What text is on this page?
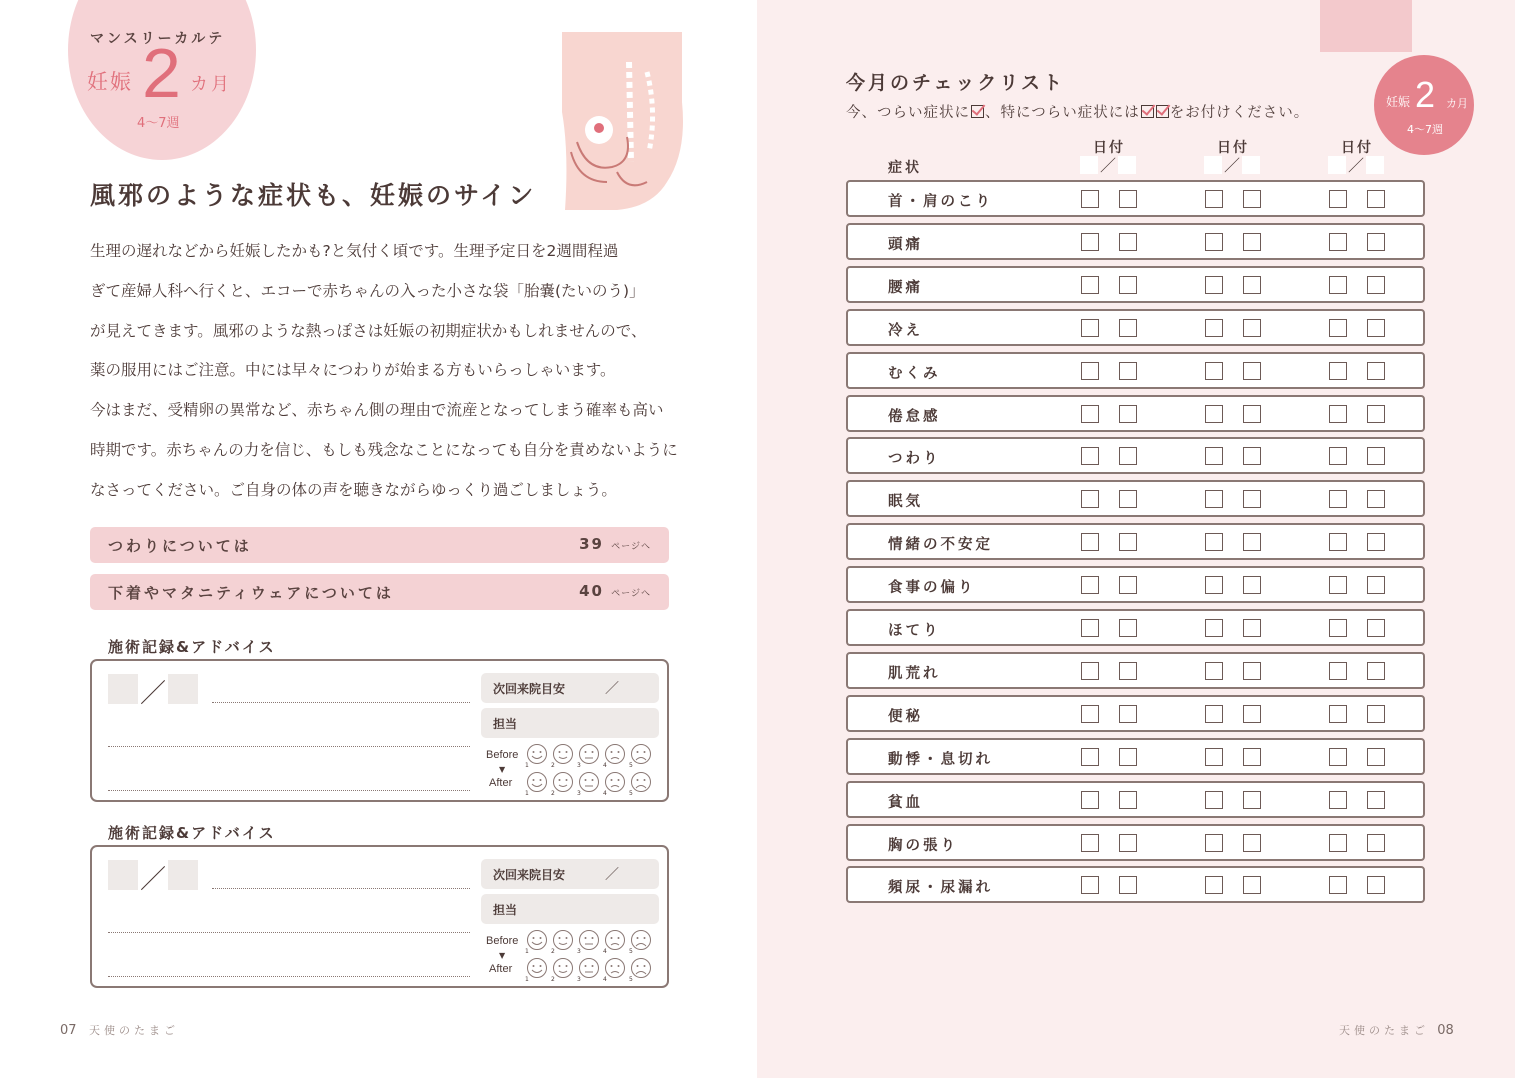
マンスリーカルテ
妊娠 2 カ月
4〜7週
風邪のような症状も、妊娠のサイン

生理の遅れなどから妊娠したかも?と気付く頃です。生理予定日を2週間程過

ぎて産婦人科へ行くと、エコーで赤ちゃんの入った小さな袋「胎嚢(たいのう)」

が見えてきます。風邪のような熱っぽさは妊娠の初期症状かもしれませんので、

薬の服用にはご注意。中には早々につわりが始まる方もいらっしゃいます。

今はまだ、受精卵の異常など、赤ちゃん側の理由で流産となってしまう確率も高い

時期です。赤ちゃんの力を信じ、もしも残念なことになっても自分を責めないように

なさってください。ご自身の体の声を聴きながらゆっくり過ごしましょう。

つわりについては	39 ページへ
下着やマタニティウェアについては	40 ページへ
施術記録&アドバイス
／	次回来院目安	／
担当
Before
▼
After
1	2	3	4	5
1	2	3	4	5
施術記録&アドバイス
／	次回来院目安	／
担当
Before
▼
After
1	2	3	4	5
1	2	3	4	5
07 天使のたまご
妊娠 2 カ月
4〜7週
今月のチェックリスト
今、つらい症状に 、特につらい症状には をお付けください。
日付	日付	日付
／	／	／
症状
首・肩のこり
頭痛
腰痛
冷え
むくみ
倦怠感
つわり
眠気
情緒の不安定
食事の偏り
ほてり
肌荒れ
便秘
動悸・息切れ
貧血
胸の張り
頻尿・尿漏れ
天使のたまご 08
